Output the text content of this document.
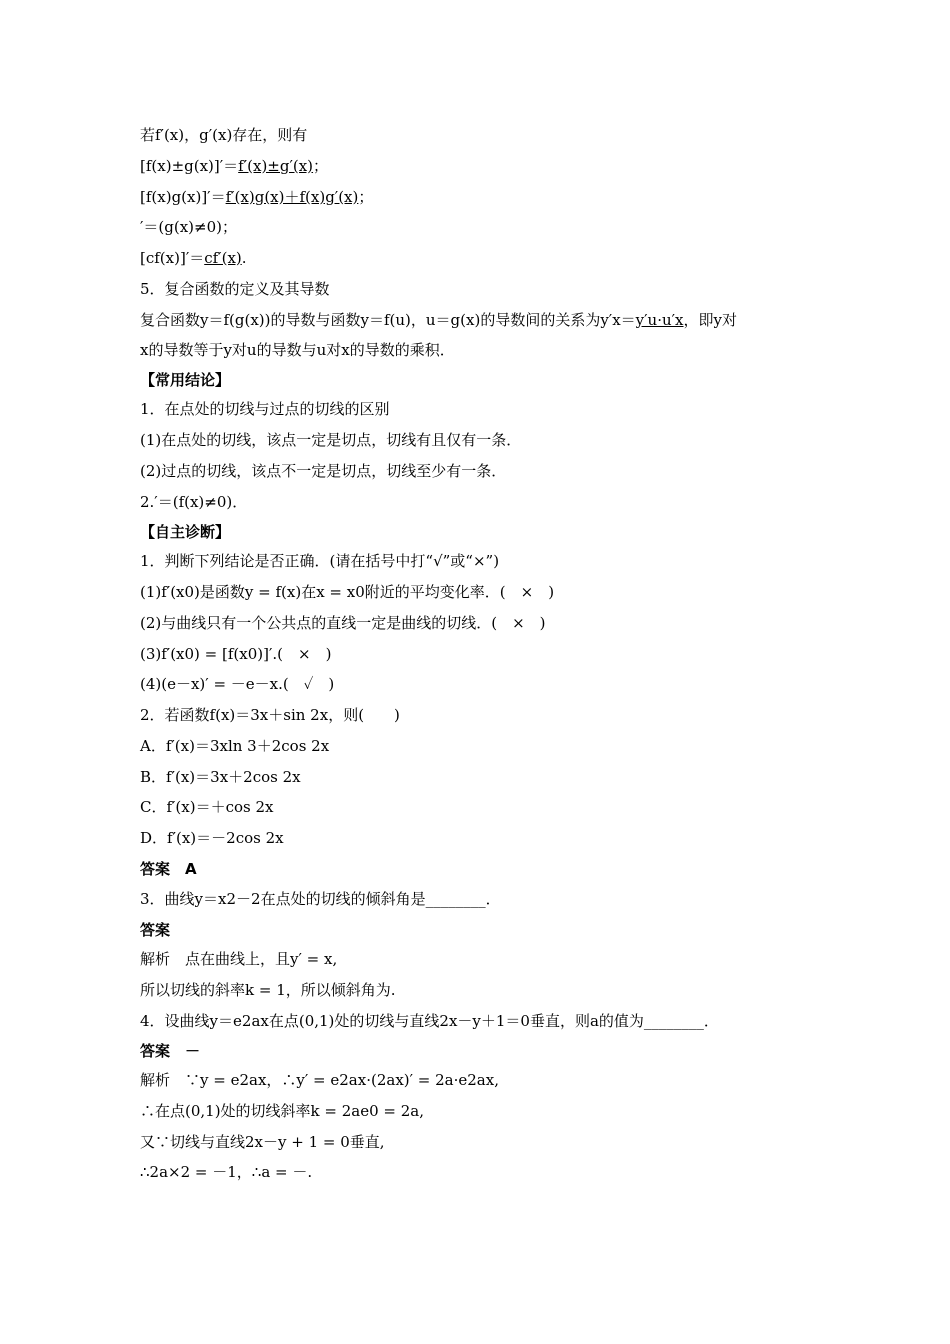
若f′(x)，g′(x)存在，则有
[f(x)±g(x)]′＝f′(x)±g′(x)；
[f(x)g(x)]′＝f′(x)g(x)＋f(x)g′(x)；
′＝(g(x)≠0)；
[cf(x)]′＝cf′(x).
5．复合函数的定义及其导数
复合函数y＝f(g(x))的导数与函数y＝f(u)，u＝g(x)的导数间的关系为y′x＝y′u·u′x，即y对
x的导数等于y对u的导数与u对x的导数的乘积．
【常用结论】
1．在点处的切线与过点的切线的区别
(1)在点处的切线，该点一定是切点，切线有且仅有一条．
(2)过点的切线，该点不一定是切点，切线至少有一条．
2.′＝(f(x)≠0)．
【自主诊断】
1．判断下列结论是否正确．(请在括号中打“√”或“×”)
(1)f′(x0)是函数y = f(x)在x = x0附近的平均变化率．(　×　)
(2)与曲线只有一个公共点的直线一定是曲线的切线．(　×　)
(3)f′(x0) = [f(x0)]′.(　×　)
(4)(e－x)′ = －e－x.(　✓　)
2．若函数f(x)＝3x＋sin 2x，则(　　)
A．f′(x)＝3xln 3＋2cos 2x
B．f′(x)＝3x＋2cos 2x
C．f′(x)＝＋cos 2x
D．f′(x)＝－2cos 2x
答案　A
3．曲线y＝x2－2在点处的切线的倾斜角是________．
答案
解析　点在曲线上，且y′ = x,
所以切线的斜率k = 1，所以倾斜角为.
4．设曲线y＝e2ax在点(0,1)处的切线与直线2x－y＋1＝0垂直，则a的值为________．
答案　－
解析　∵y = e2ax，∴y′ = e2ax·(2ax)′ = 2a·e2ax,
∴在点(0,1)处的切线斜率k = 2ae0 = 2a,
又∵切线与直线2x－y + 1 = 0垂直,
∴2a×2 = －1，∴a = －.
